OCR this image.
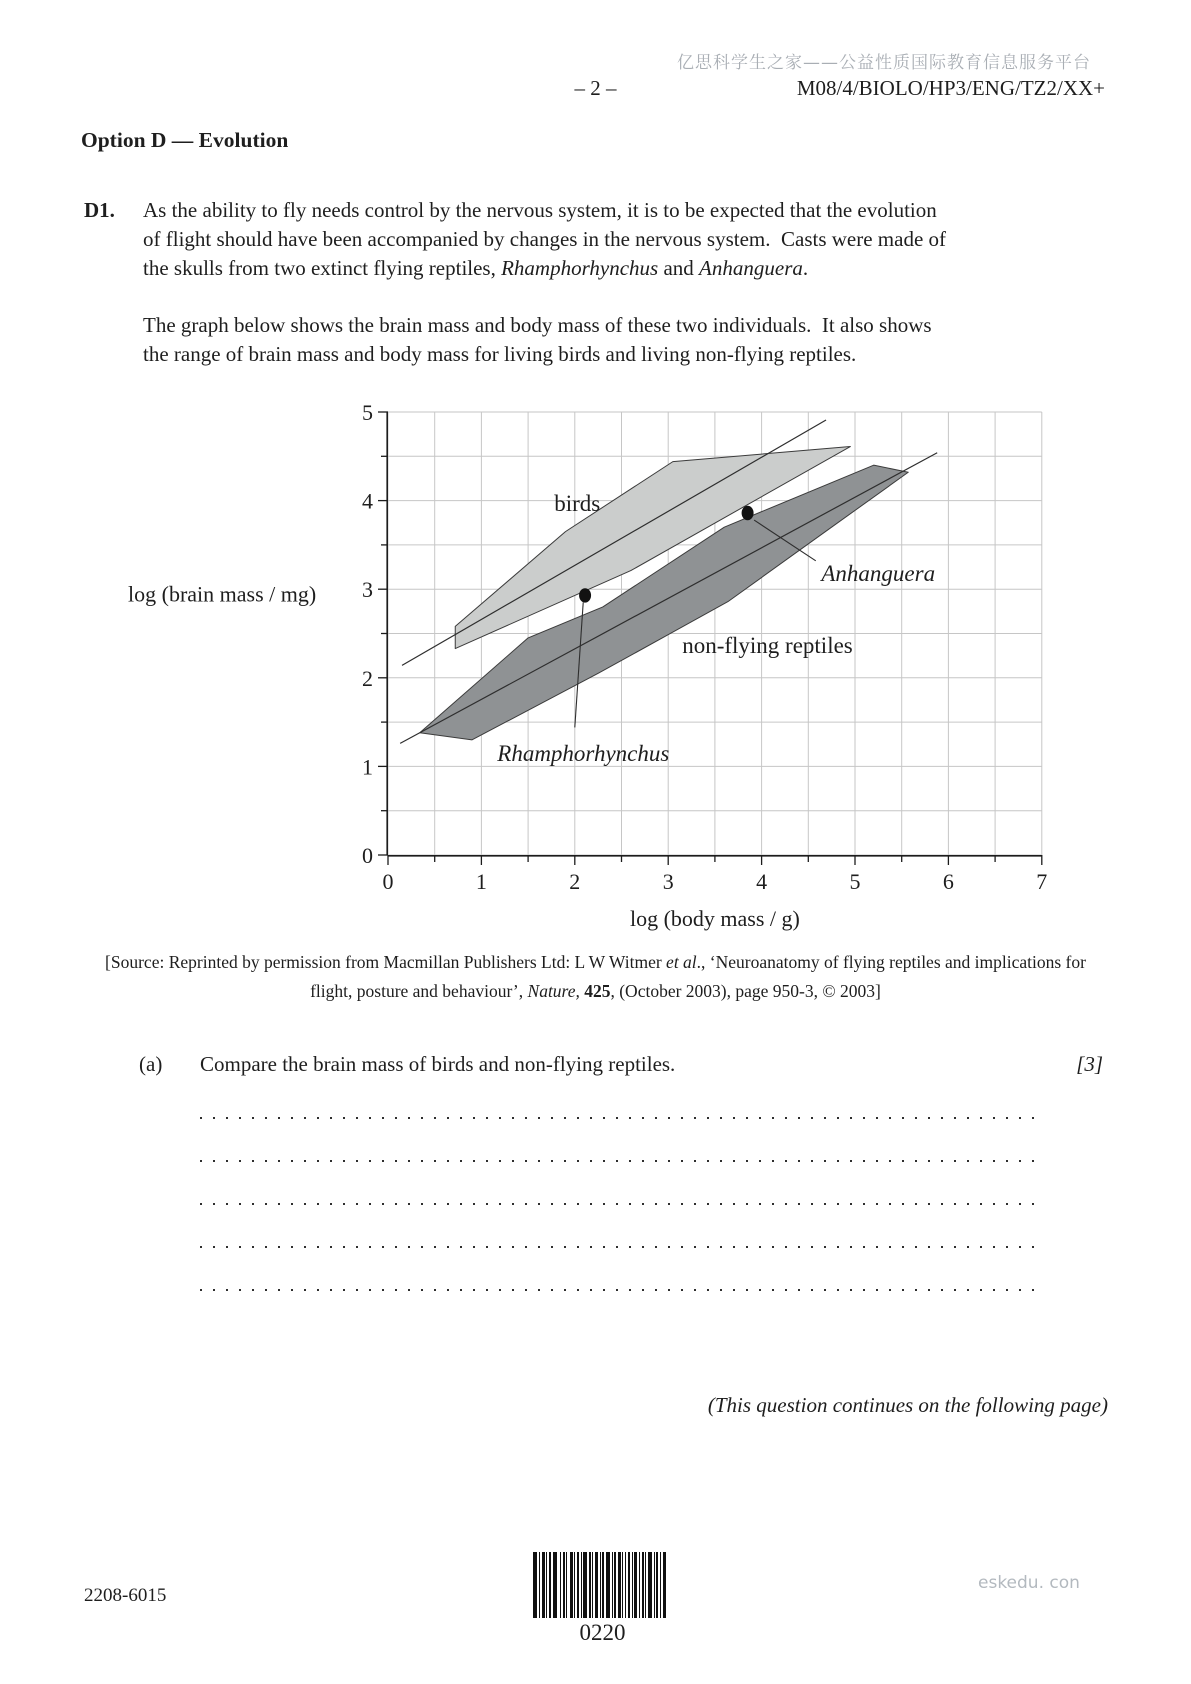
亿思科学生之家——公益性质国际教育信息服务平台
– 2 –	M08/4/BIOLO/HP3/ENG/TZ2/XX+
Option D — Evolution
D1. As the ability to fly needs control by the nervous system, it is to be expected that the evolution
of flight should have been accompanied by changes in the nervous system.  Casts were made of
the skulls from two extinct flying reptiles, Rhamphorhynchus and Anhanguera.
The graph below shows the brain mass and body mass of these two individuals.  It also shows
the range of brain mass and body mass for living birds and living non-flying reptiles.
birds
non-flying reptiles
0	1	2	3	4	5	6	7
0
1
2
3
4
5
log (brain mass / mg)
log (body mass / g)
Rhamphorhynchus
Anhanguera
[Source: Reprinted by permission from Macmillan Publishers Ltd: L W Witmer et al., ‘Neuroanatomy of flying reptiles and implications for
flight, posture and behaviour’, Nature, 425, (October 2003), page 950-3, © 2003]
(a) Compare the brain mass of birds and non-flying reptiles.	[3]
(This question continues on the following page)
2208-6015
0220
eskedu. con
